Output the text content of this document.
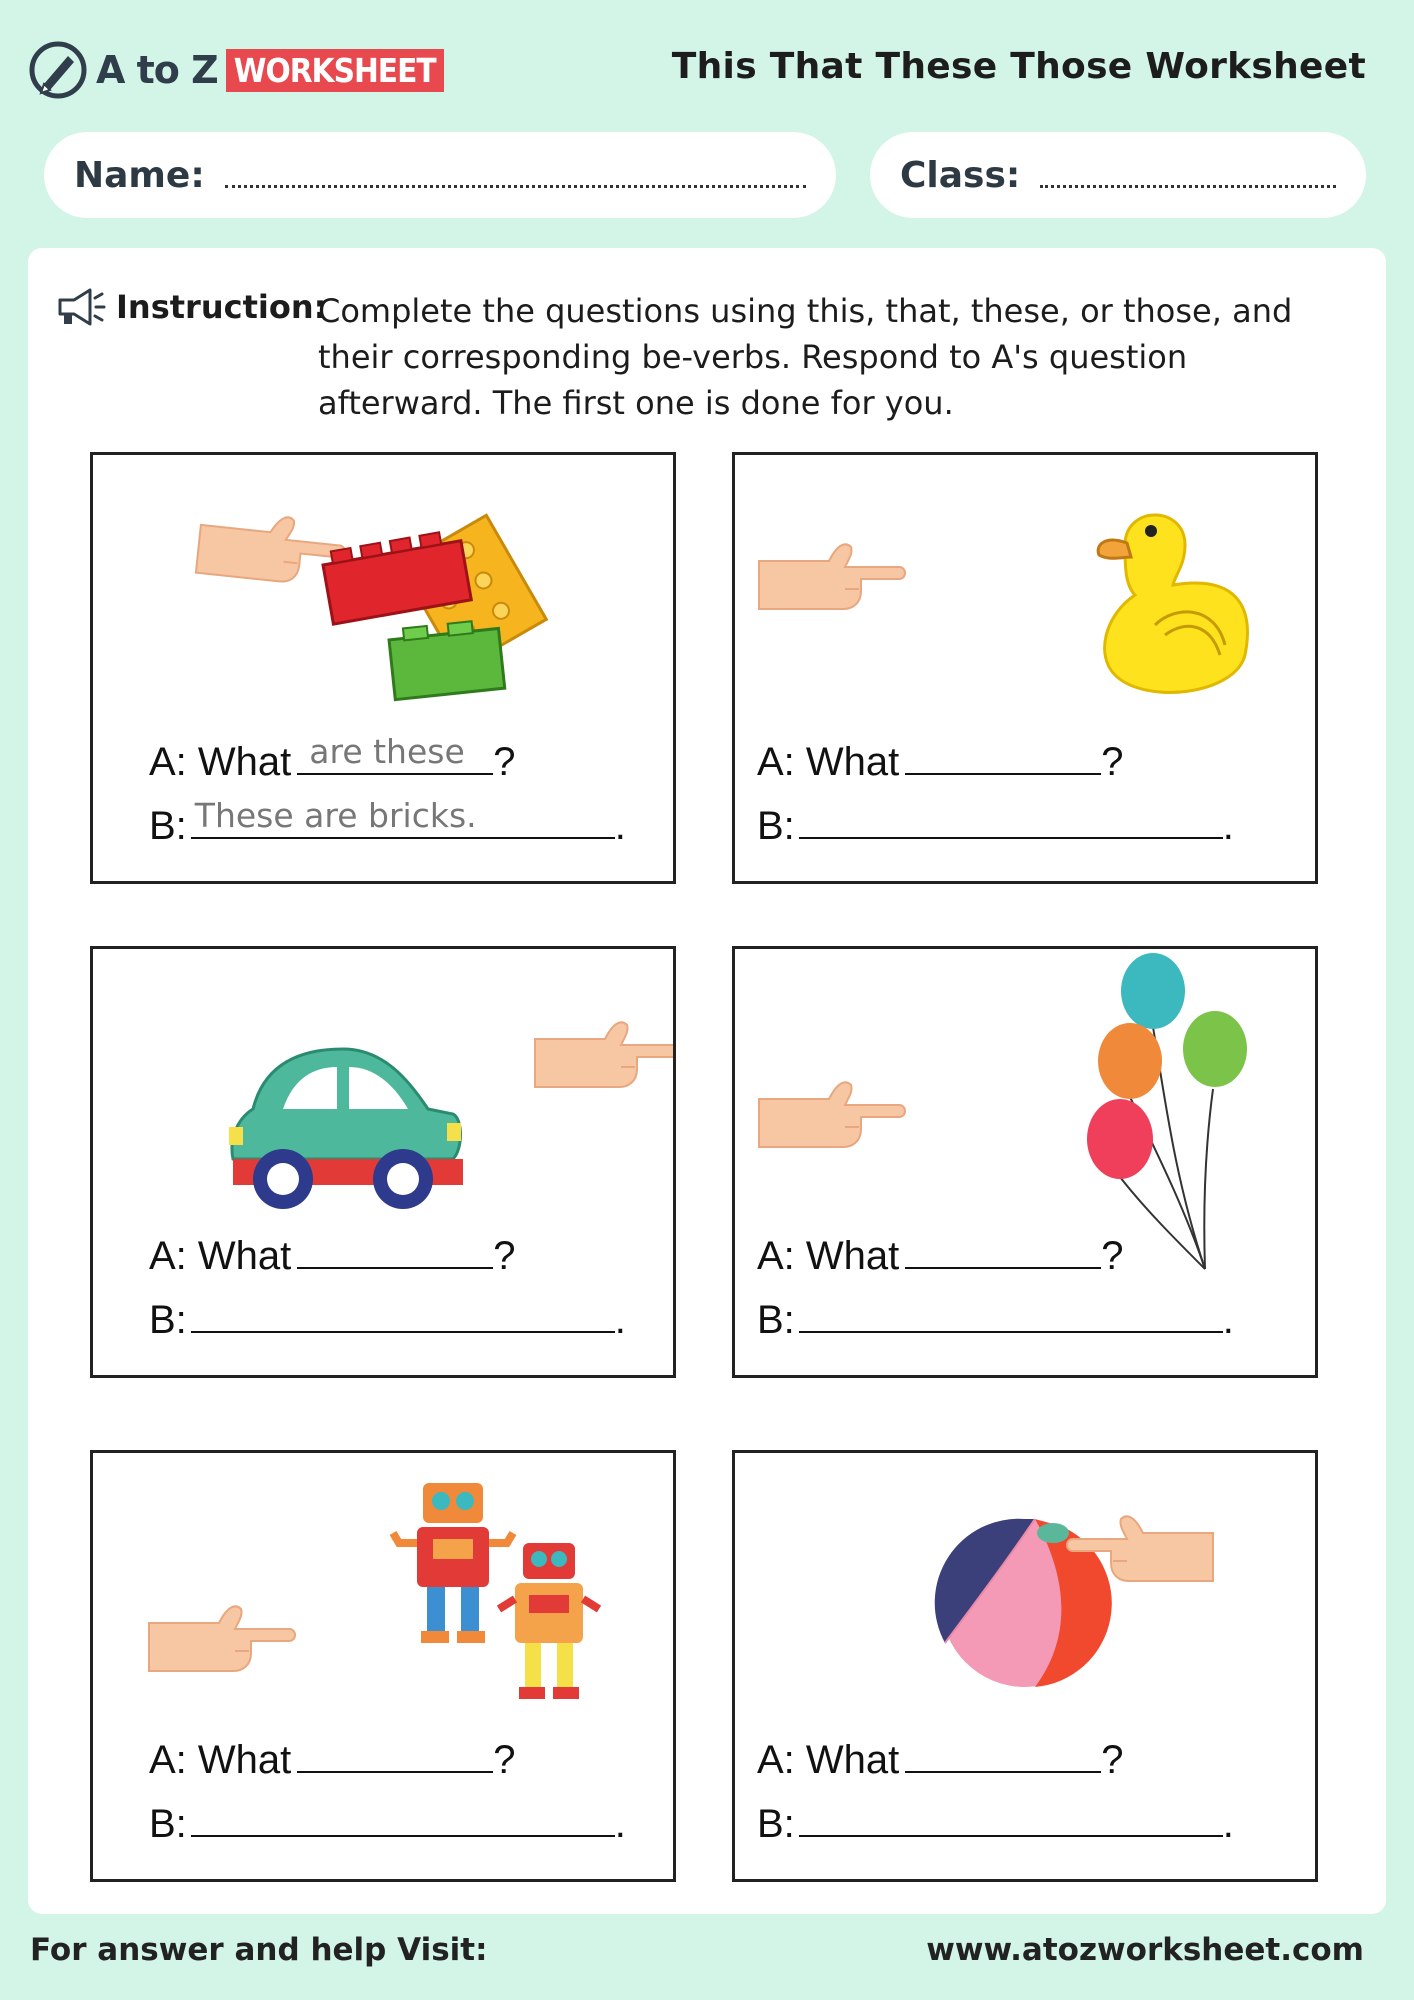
A to Z WORKSHEET	This That These Those Worksheet
Name:	Class:
Instruction:
Complete the questions using this, that, these, or those, and their corresponding be-verbs. Respond to A's question afterward. The first one is done for you.
A: What are these ?
B: These are bricks.	.
A: What	?
B:	.
A: What	?
B:	.
A: What	?
B:	.
A: What	?
B:	.
A: What	?
B:	.
For answer and help Visit:	www.atozworksheet.com
